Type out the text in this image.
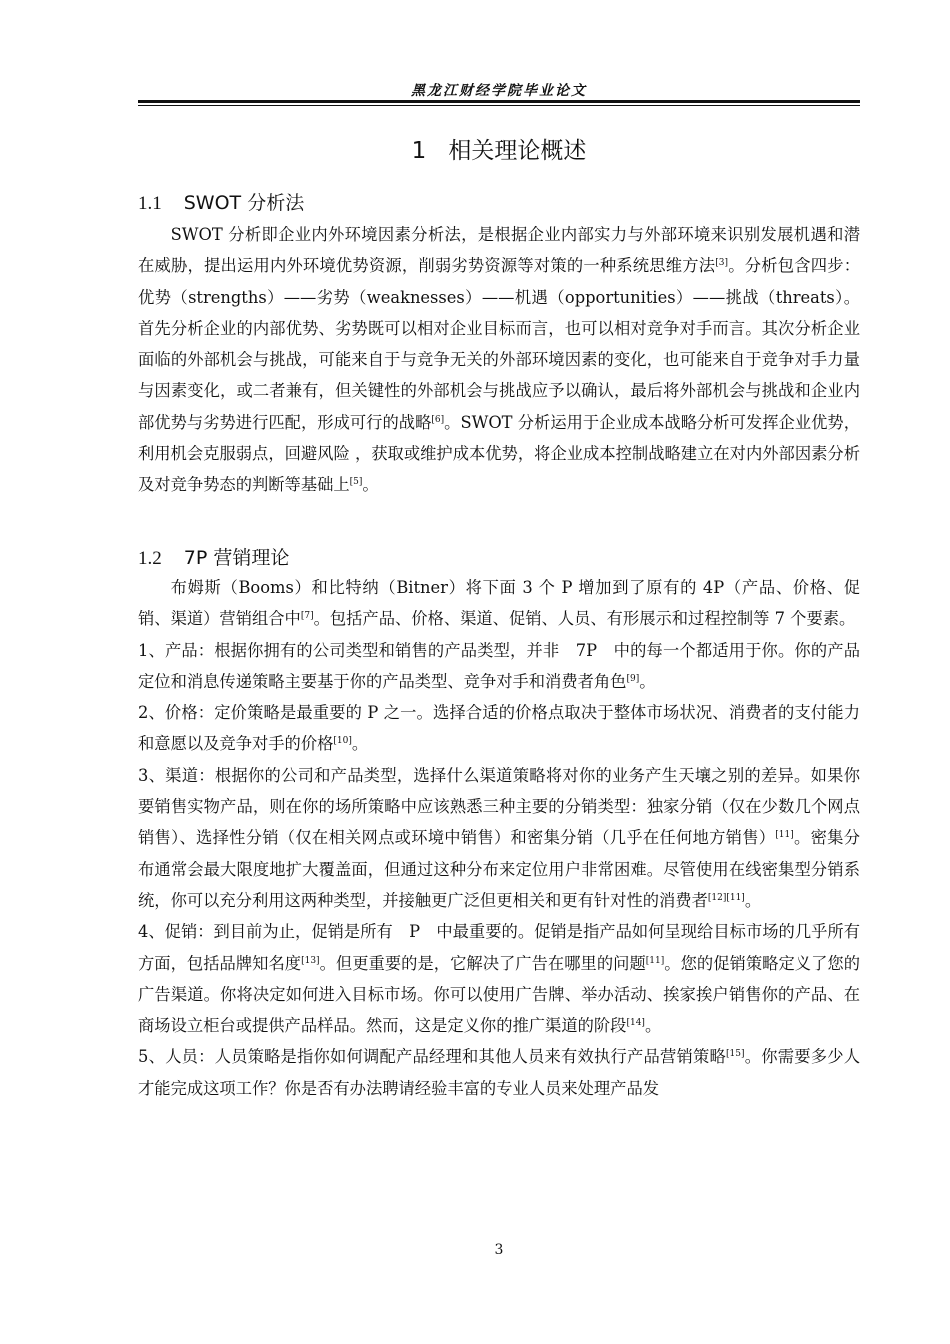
黑龙江财经学院毕业论文
1 相关理论概述
1.1 SWOT 分析法

SWOT 分析即企业内外环境因素分析法，是根据企业内部实力与外部环境来识别发展机遇和潜在威胁，提出运用内外环境优势资源，削弱劣势资源等对策的一种系统思维方法[3]。分析包含四步：优势（strengths）——劣势（weaknesses）——机遇（opportunities）——挑战（threats）。首先分析企业的内部优势、劣势既可以相对企业目标而言，也可以相对竞争对手而言。其次分析企业面临的外部机会与挑战，可能来自于与竞争无关的外部环境因素的变化，也可能来自于竞争对手力量与因素变化，或二者兼有，但关键性的外部机会与挑战应予以确认，最后将外部机会与挑战和企业内部优势与劣势进行匹配，形成可行的战略[6]。SWOT 分析运用于企业成本战略分析可发挥企业优势，利用机会克服弱点，回避风险 ，获取或维护成本优势，将企业成本控制战略建立在对内外部因素分析及对竞争势态的判断等基础上[5]。

1.2 7P 营销理论

布姆斯（Booms）和比特纳（Bitner）将下面 3 个 P 增加到了原有的 4P（产品、价格、促销、渠道）营销组合中[7]。包括产品、价格、渠道、促销、人员、有形展示和过程控制等 7 个要素。

1、产品：根据你拥有的公司类型和销售的产品类型，并非　7P　中的每一个都适用于你。你的产品定位和消息传递策略主要基于你的产品类型、竞争对手和消费者角色[9]。

2、价格：定价策略是最重要的 P 之一。选择合适的价格点取决于整体市场状况、消费者的支付能力和意愿以及竞争对手的价格[10]。

3、渠道：根据你的公司和产品类型，选择什么渠道策略将对你的业务产生天壤之别的差异。如果你要销售实物产品，则在你的场所策略中应该熟悉三种主要的分销类型：独家分销（仅在少数几个网点销售）、选择性分销（仅在相关网点或环境中销售）和密集分销（几乎在任何地方销售）[11]。密集分布通常会最大限度地扩大覆盖面，但通过这种分布来定位用户非常困难。尽管使用在线密集型分销系统，你可以充分利用这两种类型，并接触更广泛但更相关和更有针对性的消费者[12][11]。

4、促销：到目前为止，促销是所有　P　中最重要的。促销是指产品如何呈现给目标市场的几乎所有方面，包括品牌知名度[13]。但更重要的是，它解决了广告在哪里的问题[11]。您的促销策略定义了您的广告渠道。你将决定如何进入目标市场。你可以使用广告牌、举办活动、挨家挨户销售你的产品、在商场设立柜台或提供产品样品。然而，这是定义你的推广渠道的阶段[14]。

5、人员：人员策略是指你如何调配产品经理和其他人员来有效执行产品营销策略[15]。你需要多少人才能完成这项工作？你是否有办法聘请经验丰富的专业人员来处理产品发

3
